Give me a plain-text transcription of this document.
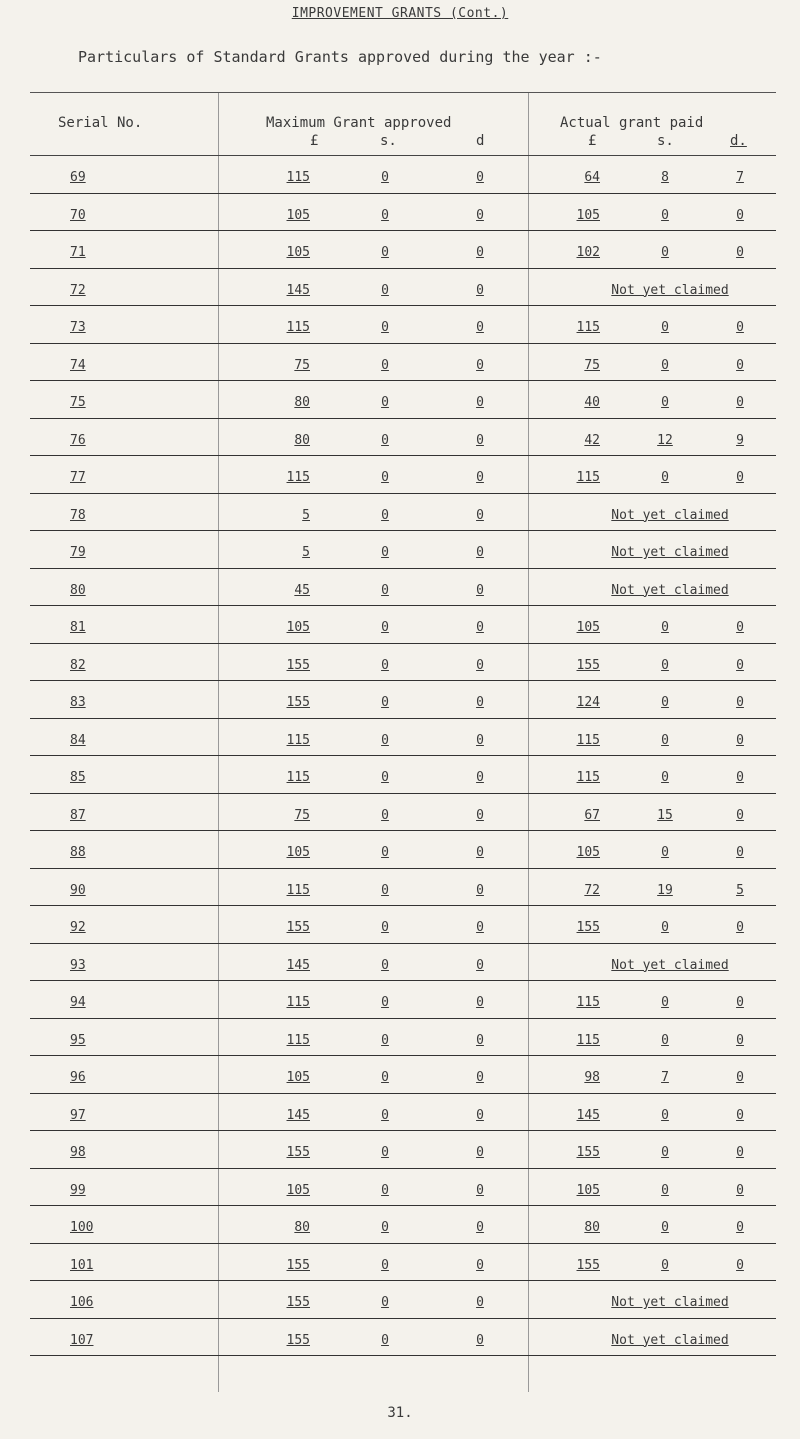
IMPROVEMENT GRANTS (Cont.)
Particulars of Standard Grants approved during the year :-
Serial No.	Maximum Grant approved
£	s.	d
Actual grant paid
£	s.	d.
69	115	0	0	64	8	7
70	105	0	0	105	0	0
71	105	0	0	102	0	0
72	145	0	0	Not yet claimed
73	115	0	0	115	0	0
74	75	0	0	75	0	0
75	80	0	0	40	0	0
76	80	0	0	42	12	9
77	115	0	0	115	0	0
78	5	0	0	Not yet claimed
79	5	0	0	Not yet claimed
80	45	0	0	Not yet claimed
81	105	0	0	105	0	0
82	155	0	0	155	0	0
83	155	0	0	124	0	0
84	115	0	0	115	0	0
85	115	0	0	115	0	0
87	75	0	0	67	15	0
88	105	0	0	105	0	0
90	115	0	0	72	19	5
92	155	0	0	155	0	0
93	145	0	0	Not yet claimed
94	115	0	0	115	0	0
95	115	0	0	115	0	0
96	105	0	0	98	7	0
97	145	0	0	145	0	0
98	155	0	0	155	0	0
99	105	0	0	105	0	0
100	80	0	0	80	0	0
101	155	0	0	155	0	0
106	155	0	0	Not yet claimed
107	155	0	0	Not yet claimed
31.
